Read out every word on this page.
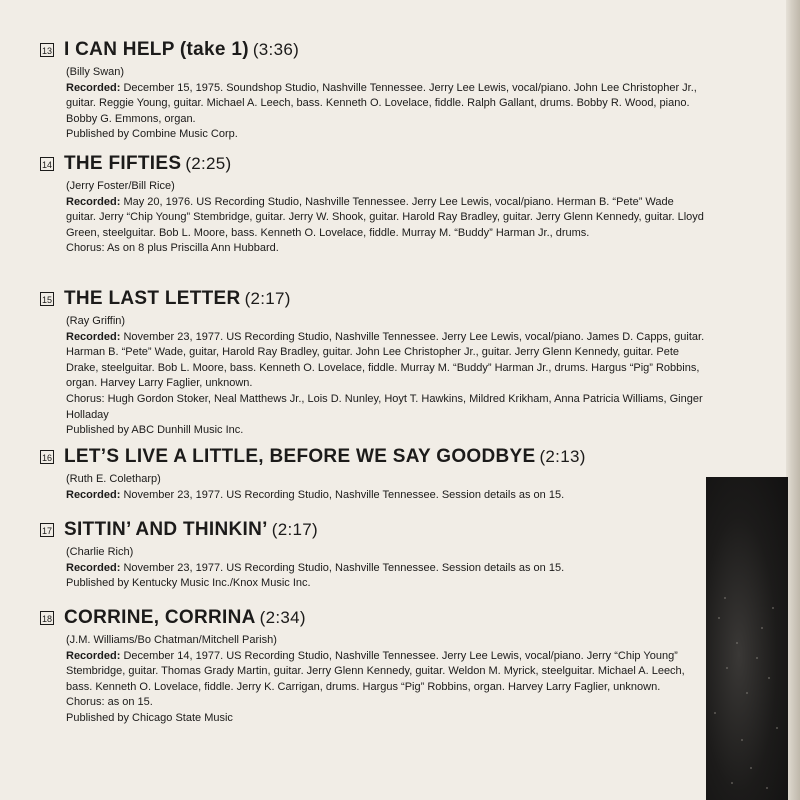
13 I CAN HELP (take 1) (3:36)
(Billy Swan)
Recorded: December 15, 1975. Soundshop Studio, Nashville Tennessee. Jerry Lee Lewis, vocal/piano. John Lee Christopher Jr., guitar. Reggie Young, guitar. Michael A. Leech, bass. Kenneth O. Lovelace, fiddle. Ralph Gallant, drums. Bobby R. Wood, piano. Bobby G. Emmons, organ.
Published by Combine Music Corp.
14 THE FIFTIES (2:25)
(Jerry Foster/Bill Rice)
Recorded: May 20, 1976. US Recording Studio, Nashville Tennessee. Jerry Lee Lewis, vocal/piano. Herman B. “Pete” Wade guitar. Jerry “Chip Young” Stembridge, guitar. Jerry W. Shook, guitar. Harold Ray Bradley, guitar. Jerry Glenn Kennedy, guitar. Lloyd Green, steelguitar. Bob L. Moore, bass. Kenneth O. Lovelace, fiddle. Murray M. “Buddy” Harman Jr., drums.
Chorus: As on 8 plus Priscilla Ann Hubbard.
15 THE LAST LETTER (2:17)
(Ray Griffin)
Recorded: November 23, 1977. US Recording Studio, Nashville Tennessee. Jerry Lee Lewis, vocal/piano. James D. Capps, guitar. Harman B. “Pete” Wade, guitar, Harold Ray Bradley, guitar. John Lee Christopher Jr., guitar. Jerry Glenn Kennedy, guitar. Pete Drake, steelguitar. Bob L. Moore, bass. Kenneth O. Lovelace, fiddle. Murray M. “Buddy” Harman Jr., drums. Hargus “Pig” Robbins, organ. Harvey Larry Faglier, unknown.
Chorus: Hugh Gordon Stoker, Neal Matthews Jr., Lois D. Nunley, Hoyt T. Hawkins, Mildred Krikham, Anna Patricia Williams, Ginger Holladay
Published by ABC Dunhill Music Inc.
16 LET’S LIVE A LITTLE, BEFORE WE SAY GOODBYE (2:13)
(Ruth E. Coletharp)
Recorded: November 23, 1977. US Recording Studio, Nashville Tennessee. Session details as on 15.
17 SITTIN’ AND THINKIN’ (2:17)
(Charlie Rich)
Recorded: November 23, 1977. US Recording Studio, Nashville Tennessee. Session details as on 15.
Published by Kentucky Music Inc./Knox Music Inc.
18 CORRINE, CORRINA (2:34)
(J.M. Williams/Bo Chatman/Mitchell Parish)
Recorded: December 14, 1977. US Recording Studio, Nashville Tennessee. Jerry Lee Lewis, vocal/piano. Jerry “Chip Young” Stembridge, guitar. Thomas Grady Martin, guitar. Jerry Glenn Kennedy, guitar. Weldon M. Myrick, steelguitar. Michael A. Leech, bass. Kenneth O. Lovelace, fiddle. Jerry K. Carrigan, drums. Hargus “Pig” Robbins, organ. Harvey Larry Faglier, unknown.
Chorus: as on 15.
Published by Chicago State Music
